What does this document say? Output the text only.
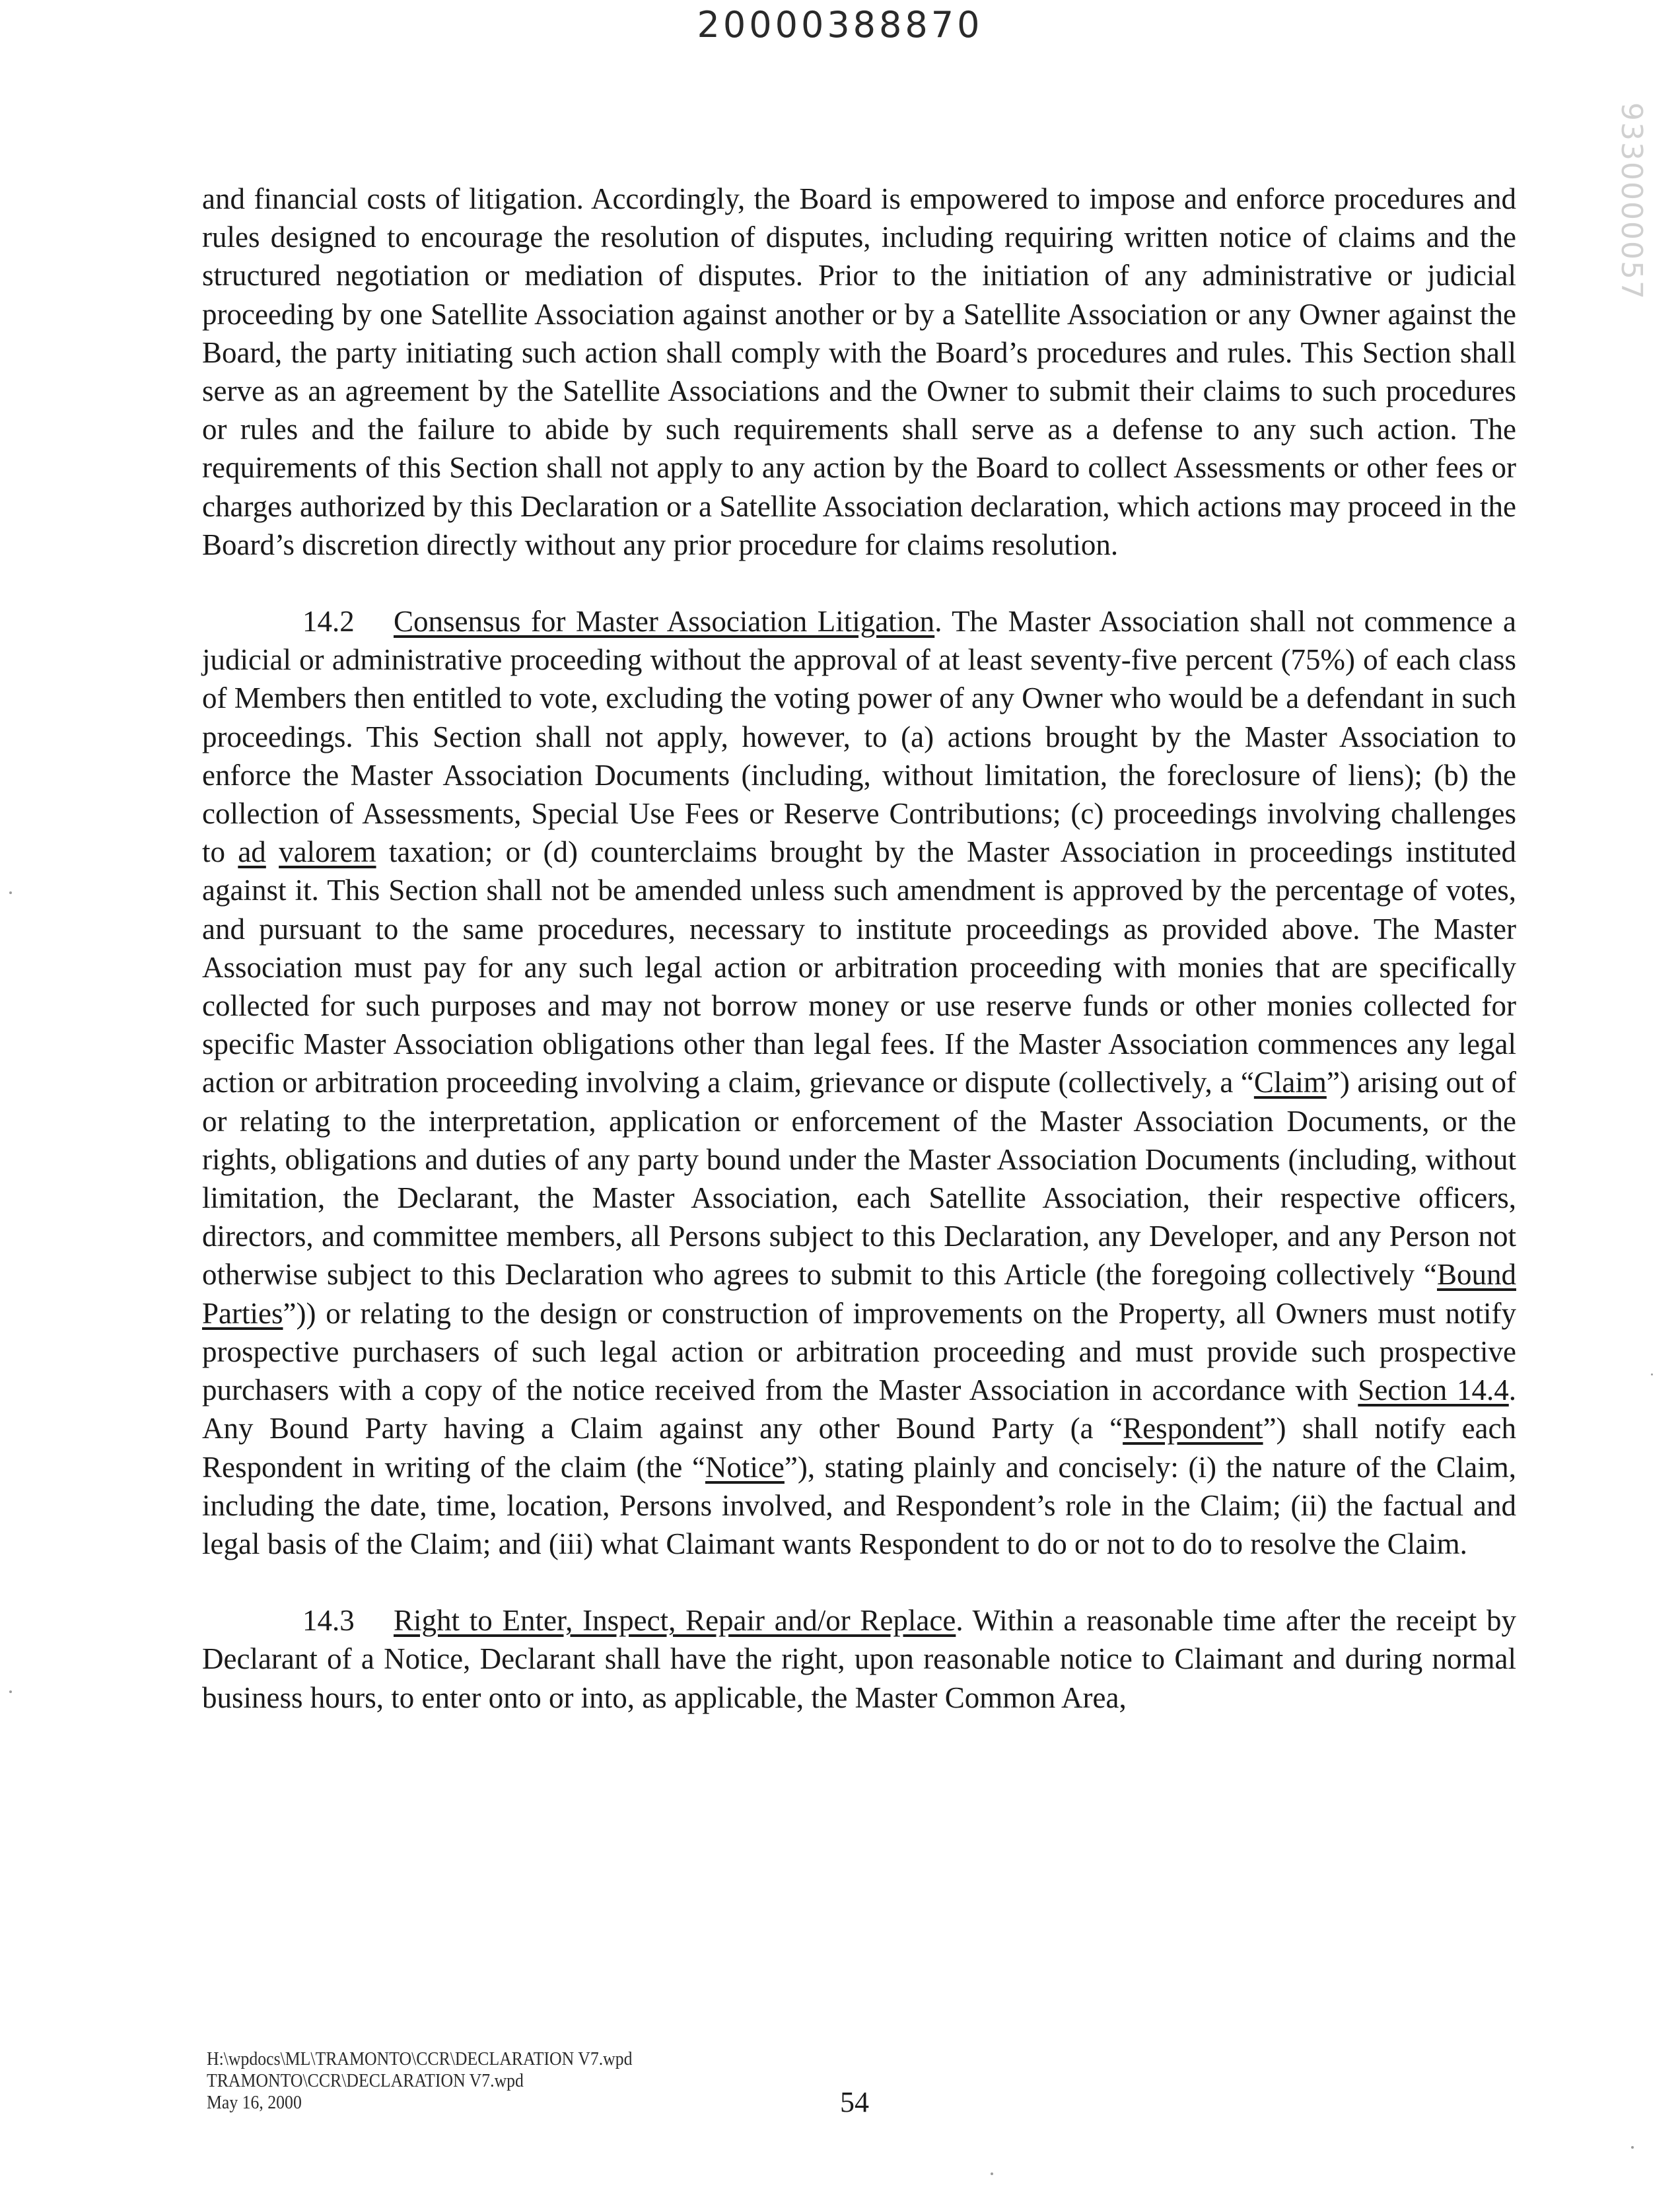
20000388870
9330000057

and financial costs of litigation. Accordingly, the Board is empowered to impose and enforce procedures and rules designed to encourage the resolution of disputes, including requiring written notice of claims and the structured negotiation or mediation of disputes. Prior to the initiation of any administrative or judicial proceeding by one Satellite Association against another or by a Satellite Association or any Owner against the Board, the party initiating such action shall comply with the Board’s procedures and rules. This Section shall serve as an agreement by the Satellite Associations and the Owner to submit their claims to such procedures or rules and the failure to abide by such requirements shall serve as a defense to any such action. The requirements of this Section shall not apply to any action by the Board to collect Assessments or other fees or charges authorized by this Declaration or a Satellite Association declaration, which actions may proceed in the Board’s discretion directly without any prior procedure for claims resolution.

14.2 Consensus for Master Association Litigation. The Master Association shall not commence a judicial or administrative proceeding without the approval of at least seventy-five percent (75%) of each class of Members then entitled to vote, excluding the voting power of any Owner who would be a defendant in such proceedings. This Section shall not apply, however, to (a) actions brought by the Master Association to enforce the Master Association Documents (including, without limitation, the foreclosure of liens); (b) the collection of Assessments, Special Use Fees or Reserve Contributions; (c) proceedings involving challenges to ad valorem taxation; or (d) counterclaims brought by the Master Association in proceedings instituted against it. This Section shall not be amended unless such amendment is approved by the percentage of votes, and pursuant to the same procedures, necessary to institute proceedings as provided above. The Master Association must pay for any such legal action or arbitration proceeding with monies that are specifically collected for such purposes and may not borrow money or use reserve funds or other monies collected for specific Master Association obligations other than legal fees. If the Master Association commences any legal action or arbitration proceeding involving a claim, grievance or dispute (collectively, a “Claim”) arising out of or relating to the interpretation, application or enforcement of the Master Association Documents, or the rights, obligations and duties of any party bound under the Master Association Documents (including, without limitation, the Declarant, the Master Association, each Satellite Association, their respective officers, directors, and committee members, all Persons subject to this Declaration, any Developer, and any Person not otherwise subject to this Declaration who agrees to submit to this Article (the foregoing collectively “Bound Parties”)) or relating to the design or construction of improvements on the Property, all Owners must notify prospective purchasers of such legal action or arbitration proceeding and must provide such prospective purchasers with a copy of the notice received from the Master Association in accordance with Section 14.4. Any Bound Party having a Claim against any other Bound Party (a “Respondent”) shall notify each Respondent in writing of the claim (the “Notice”), stating plainly and concisely: (i) the nature of the Claim, including the date, time, location, Persons involved, and Respondent’s role in the Claim; (ii) the factual and legal basis of the Claim; and (iii) what Claimant wants Respondent to do or not to do to resolve the Claim.

14.3 Right to Enter, Inspect, Repair and/or Replace. Within a reasonable time after the receipt by Declarant of a Notice, Declarant shall have the right, upon reasonable notice to Claimant and during normal business hours, to enter onto or into, as applicable, the Master Common Area,

H:\wpdocs\ML\TRAMONTO\CCR\DECLARATION V7.wpd
TRAMONTO\CCR\DECLARATION V7.wpd
May 16, 2000	54
